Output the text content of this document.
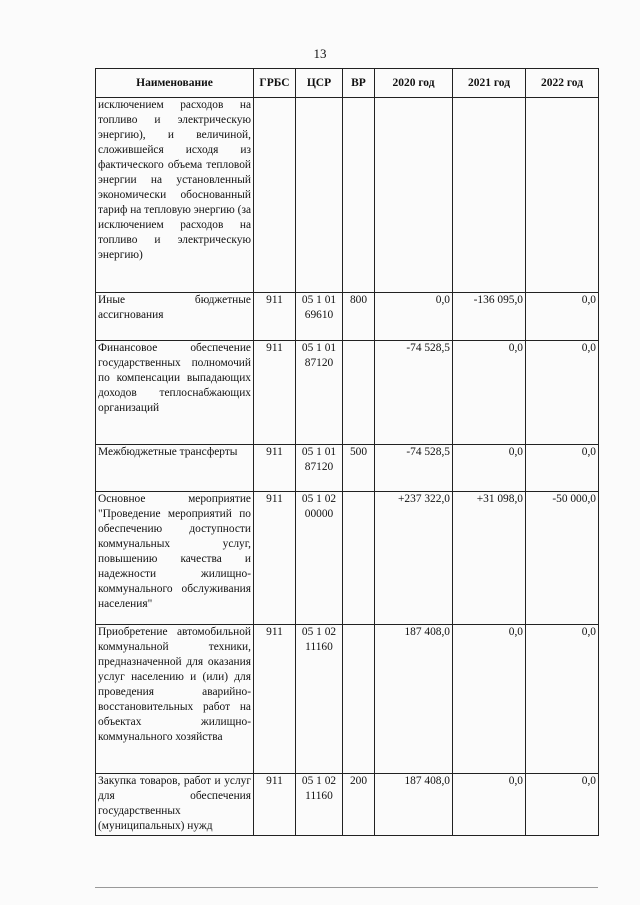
13
Наименование	ГРБС	ЦСР	ВР	2020 год	2021 год	2022 год
исключением расходов на топливо и электрическую энергию), и величиной, сложившейся исходя из фактического объема тепловой энергии на установленный экономически обоснованный тариф на тепловую энергию (за исключением расходов на топливо и электрическую энергию)						
Иные бюджетные ассигнования	911	05 1 01 69610	800	0,0	-136 095,0	0,0
Финансовое обеспечение государственных полномочий по компенсации выпадающих доходов теплоснабжающих организаций	911	05 1 01 87120		-74 528,5	0,0	0,0
Межбюджетные трансферты	911	05 1 01 87120	500	-74 528,5	0,0	0,0
Основное мероприятие "Проведение мероприятий по обеспечению доступности коммунальных услуг, повышению качества и надежности жилищно-коммунального обслуживания населения"	911	05 1 02 00000		+237 322,0	+31 098,0	-50 000,0
Приобретение автомобильной коммунальной техники, предназначенной для оказания услуг населению и (или) для проведения аварийно-восстановительных работ на объектах жилищно-коммунального хозяйства	911	05 1 02 11160		187 408,0	0,0	0,0
Закупка товаров, работ и услуг для обеспечения государственных (муниципальных) нужд	911	05 1 02 11160	200	187 408,0	0,0	0,0
